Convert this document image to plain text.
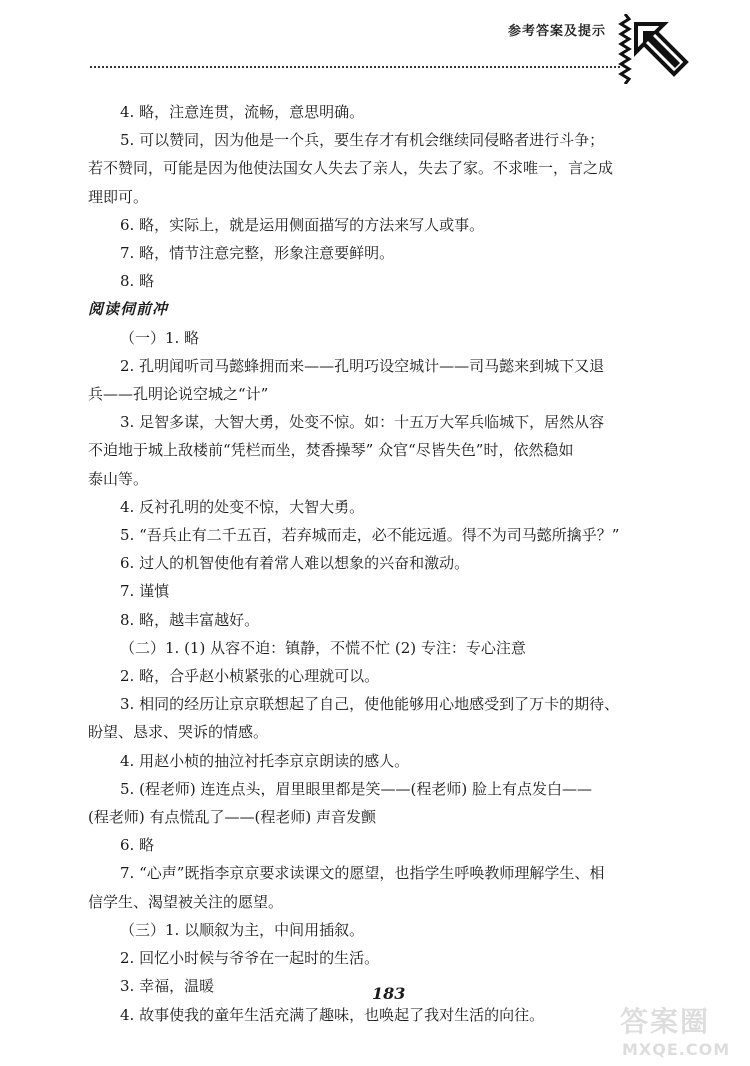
参考答案及提示
4. 略，注意连贯，流畅，意思明确。
5. 可以赞同，因为他是一个兵，要生存才有机会继续同侵略者进行斗争；
若不赞同，可能是因为他使法国女人失去了亲人，失去了家。不求唯一，言之成
理即可。
6. 略，实际上，就是运用侧面描写的方法来写人或事。
7. 略，情节注意完整，形象注意要鲜明。
8. 略
阅读伺前冲
（一）1. 略
2. 孔明闻听司马懿蜂拥而来——孔明巧设空城计——司马懿来到城下又退
兵——孔明论说空城之“计”
3. 足智多谋，大智大勇，处变不惊。如：十五万大军兵临城下，居然从容
不迫地于城上敌楼前“凭栏而坐，焚香操琴” 众官“尽皆失色”时，依然稳如
泰山等。
4. 反衬孔明的处变不惊，大智大勇。
5. “吾兵止有二千五百，若弃城而走，必不能远遁。得不为司马懿所擒乎？”
6. 过人的机智使他有着常人难以想象的兴奋和激动。
7. 谨慎
8. 略，越丰富越好。
（二）1. (1) 从容不迫：镇静，不慌不忙 (2) 专注：专心注意
2. 略，合乎赵小桢紧张的心理就可以。
3. 相同的经历让京京联想起了自己，使他能够用心地感受到了万卡的期待、
盼望、恳求、哭诉的情感。
4. 用赵小桢的抽泣衬托李京京朗读的感人。
5. (程老师) 连连点头，眉里眼里都是笑——(程老师) 脸上有点发白——
(程老师) 有点慌乱了——(程老师) 声音发颤
6. 略
7. “心声”既指李京京要求读课文的愿望，也指学生呼唤教师理解学生、相
信学生、渴望被关注的愿望。
（三）1. 以顺叙为主，中间用插叙。
2. 回忆小时候与爷爷在一起时的生活。
3. 幸福，温暖
4. 故事使我的童年生活充满了趣味，也唤起了我对生活的向往。
183
答案圈
MXQE.COM
